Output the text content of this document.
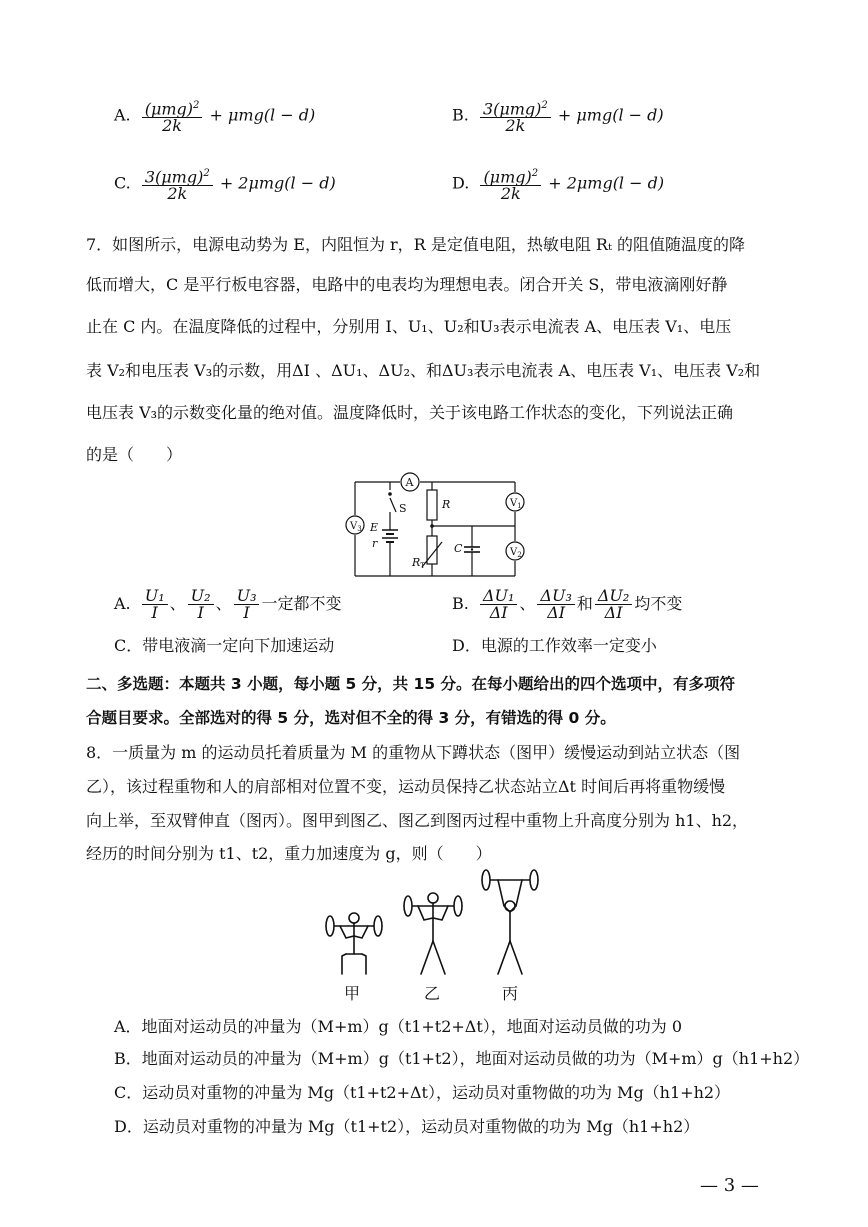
A. $\frac{(\mu mg)^2}{2k} + \mu mg(l - d)$	B. $\frac{3(\mu mg)^2}{2k} + \mu mg(l - d)$
C. $\frac{3(\mu mg)^2}{2k} + 2\mu mg(l - d)$	D. $\frac{(\mu mg)^2}{2k} + 2\mu mg(l - d)$
7．如图所示，电源电动势为 E，内阻恒为 r，R 是定值电阻，热敏电阻 Rₜ 的阻值随温度的降
低而增大，C 是平行板电容器，电路中的电表均为理想电表。闭合开关 S，带电液滴刚好静
止在 C 内。在温度降低的过程中，分别用 I、U₁、U₂和U₃表示电流表 A、电压表 V₁、电压
表 V₂和电压表 V₃的示数，用ΔI 、ΔU₁、ΔU₂、和ΔU₃表示电流表 A、电压表 V₁、电压表 V₂和
电压表 V₃的示数变化量的绝对值。温度降低时，关于该电路工作状态的变化，下列说法正确
的是（　　）
A
$V_1$
$V_2$
$V_3$
S	R
E
r	C
RT
A. $\frac{\text{U₁}}{I}$ 、 $\frac{\text{U₂}}{I}$ 、 $\frac{\text{U₃}}{I}$ 一定都不变	B. $\frac{\text{ΔU₁}}{\Delta I}$ 、 $\frac{\text{ΔU₃}}{\Delta I}$ 和 $\frac{\text{ΔU₂}}{\Delta I}$ 均不变
C．带电液滴一定向下加速运动	D．电源的工作效率一定变小
二、多选题：本题共 3 小题，每小题 5 分，共 15 分。在每小题给出的四个选项中，有多项符
合题目要求。全部选对的得 5 分，选对但不全的得 3 分，有错选的得 0 分。
8．一质量为 m 的运动员托着质量为 M 的重物从下蹲状态（图甲）缓慢运动到站立状态（图
乙），该过程重物和人的肩部相对位置不变，运动员保持乙状态站立Δt 时间后再将重物缓慢
向上举，至双臂伸直（图丙）。图甲到图乙、图乙到图丙过程中重物上升高度分别为 h1、h2，
经历的时间分别为 t1、t2，重力加速度为 g，则（　　）
甲	乙	丙
A．地面对运动员的冲量为（M+m）g（t1+t2+Δt），地面对运动员做的功为 0
B．地面对运动员的冲量为（M+m）g（t1+t2），地面对运动员做的功为（M+m）g（h1+h2）
C．运动员对重物的冲量为 Mg（t1+t2+Δt），运动员对重物做的功为 Mg（h1+h2）
D．运动员对重物的冲量为 Mg（t1+t2），运动员对重物做的功为 Mg（h1+h2）
— 3 —
